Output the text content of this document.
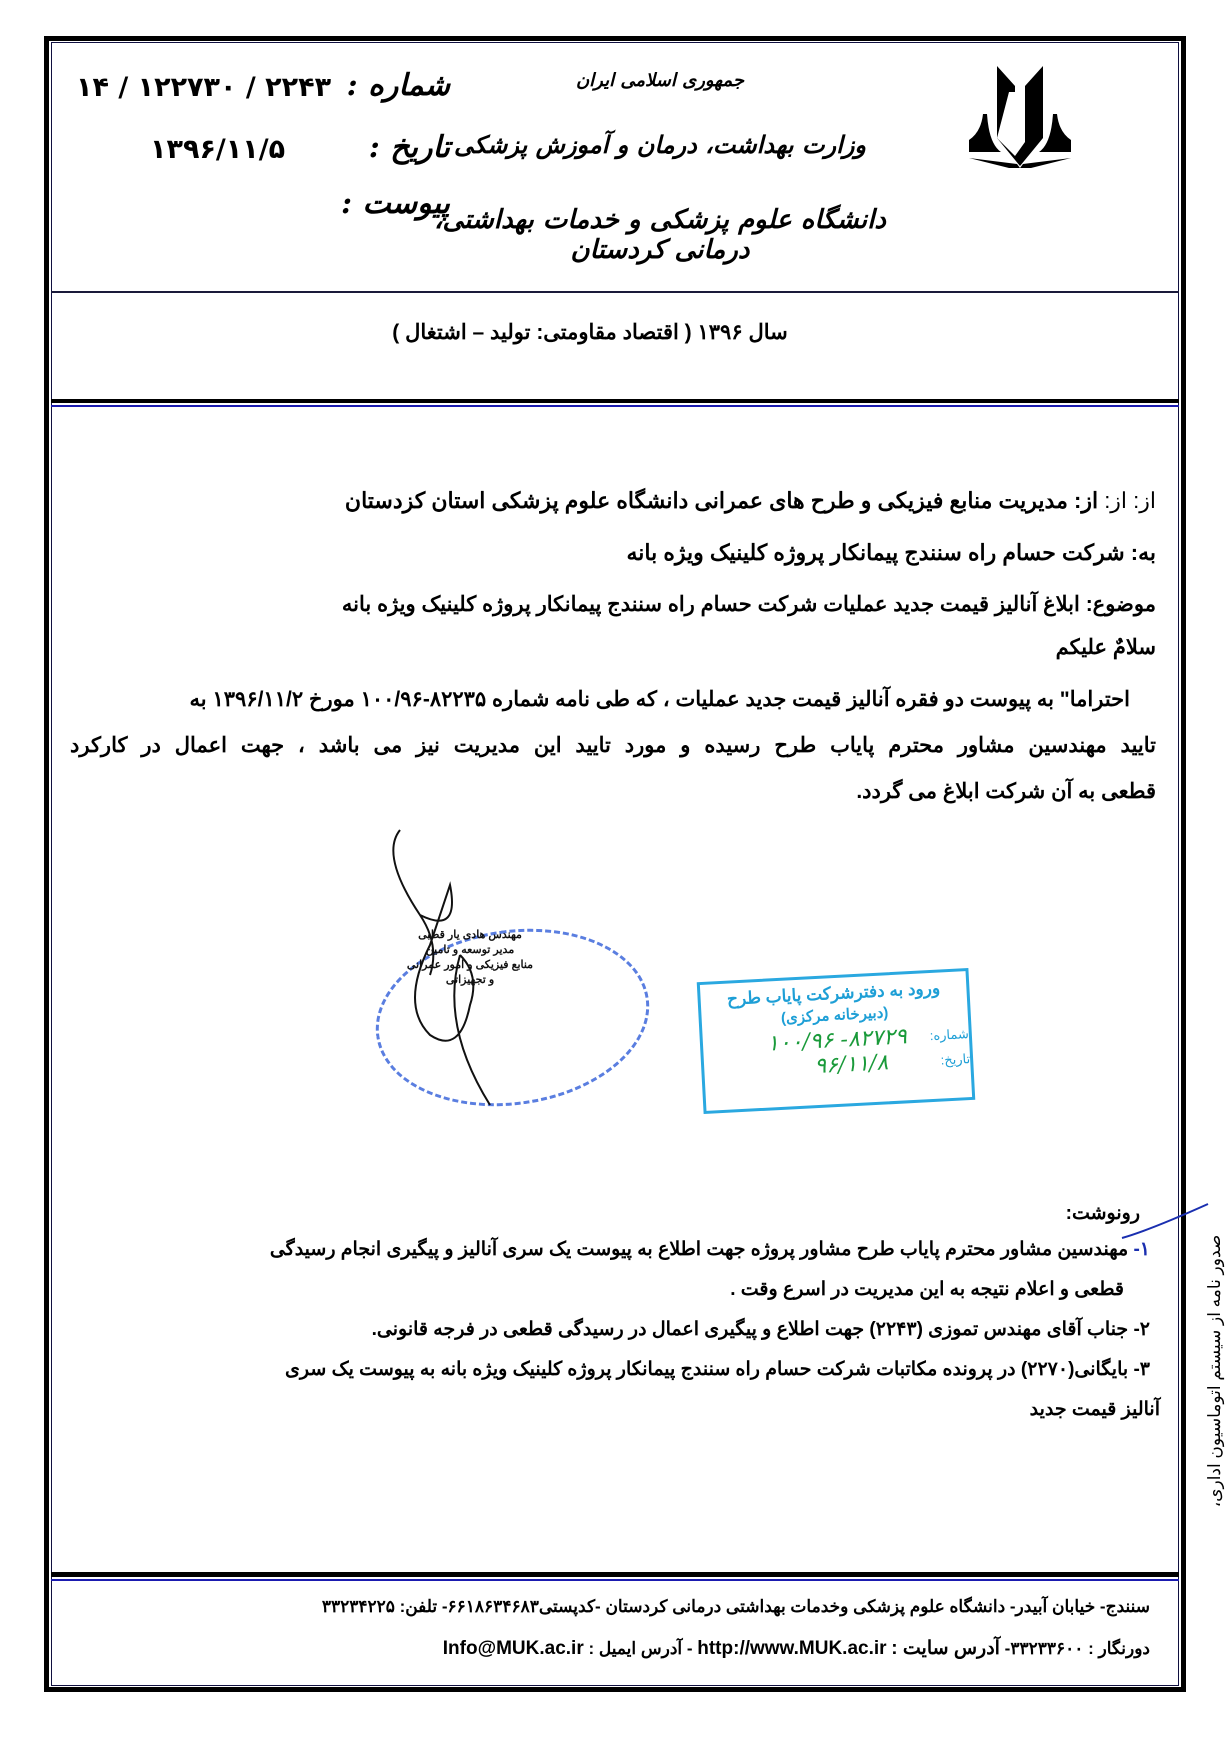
جمهوری اسلامی ایران
وزارت بهداشت، درمان و آموزش پزشکی
دانشگاه علوم پزشکی و خدمات بهداشتی، درمانی کردستان
شماره :
۱۴ / ۱۲۲۷۳۰ / ۲۲۴۳
تاریخ :
۱۳۹۶/۱۱/۵
پیوست :
سال ۱۳۹۶ ( اقتصاد مقاومتی: تولید – اشتغال )
از: از: از: مدیریت منابع فیزیکی و طرح های عمرانی دانشگاه علوم پزشکی استان کزدستان
به: شرکت حسام راه سنندج پیمانکار پروژه کلینیک ویژه بانه
موضوع: ابلاغ آنالیز قیمت جدید عملیات شرکت حسام راه سنندج پیمانکار پروژه کلینیک ویژه بانه
سلامٌ علیکم
احتراما" به پیوست دو فقره آنالیز قیمت جدید عملیات ، که طی نامه شماره ۸۲۲۳۵-۱۰۰/۹۶ مورخ ۱۳۹۶/۱۱/۲ به
تایید مهندسین مشاور محترم پایاب طرح رسیده و مورد تایید این مدیریت نیز می باشد ، جهت اعمال در کارکرد
قطعی به آن شرکت ابلاغ می گردد.
مهندس هادی یار قطبی
مدیر توسعه و تامین
منابع فیزیکی و امور عمرانی
و تجهیزاتی	ورود به دفترشرکت پایاب طرح
(دبیرخانه مرکزی)
شماره:
۸۲۷۲۹- ۱۰۰/۹۶
تاریخ:
۹۶/۱۱/۸
رونوشت:
۱- مهندسین مشاور محترم پایاب طرح مشاور پروژه جهت اطلاع به پیوست یک سری آنالیز و پیگیری انجام رسیدگی
قطعی و اعلام نتیجه به این مدیریت در اسرع وقت .
۲- جناب آقای مهندس تموزی (۲۲۴۳) جهت اطلاع و پیگیری اعمال در رسیدگی قطعی در فرجه قانونی.
۳- بایگانی(۲۲۷۰) در پرونده مکاتبات شرکت حسام راه سنندج پیمانکار پروژه کلینیک ویژه بانه به پیوست یک سری
آنالیز قیمت جدید	صدور نامه از سیستم اتوماسیون اداری،
سنندج- خیابان آبیدر- دانشگاه علوم پزشکی وخدمات بهداشتی درمانی کردستان -کدپستی۶۶۱۸۶۳۴۶۸۳- تلفن: ۳۳۲۳۴۲۲۵
دورنگار : ۳۳۲۳۳۶۰۰- آدرس سایت : http://www.MUK.ac.ir - آدرس ایمیل : Info@MUK.ac.ir
